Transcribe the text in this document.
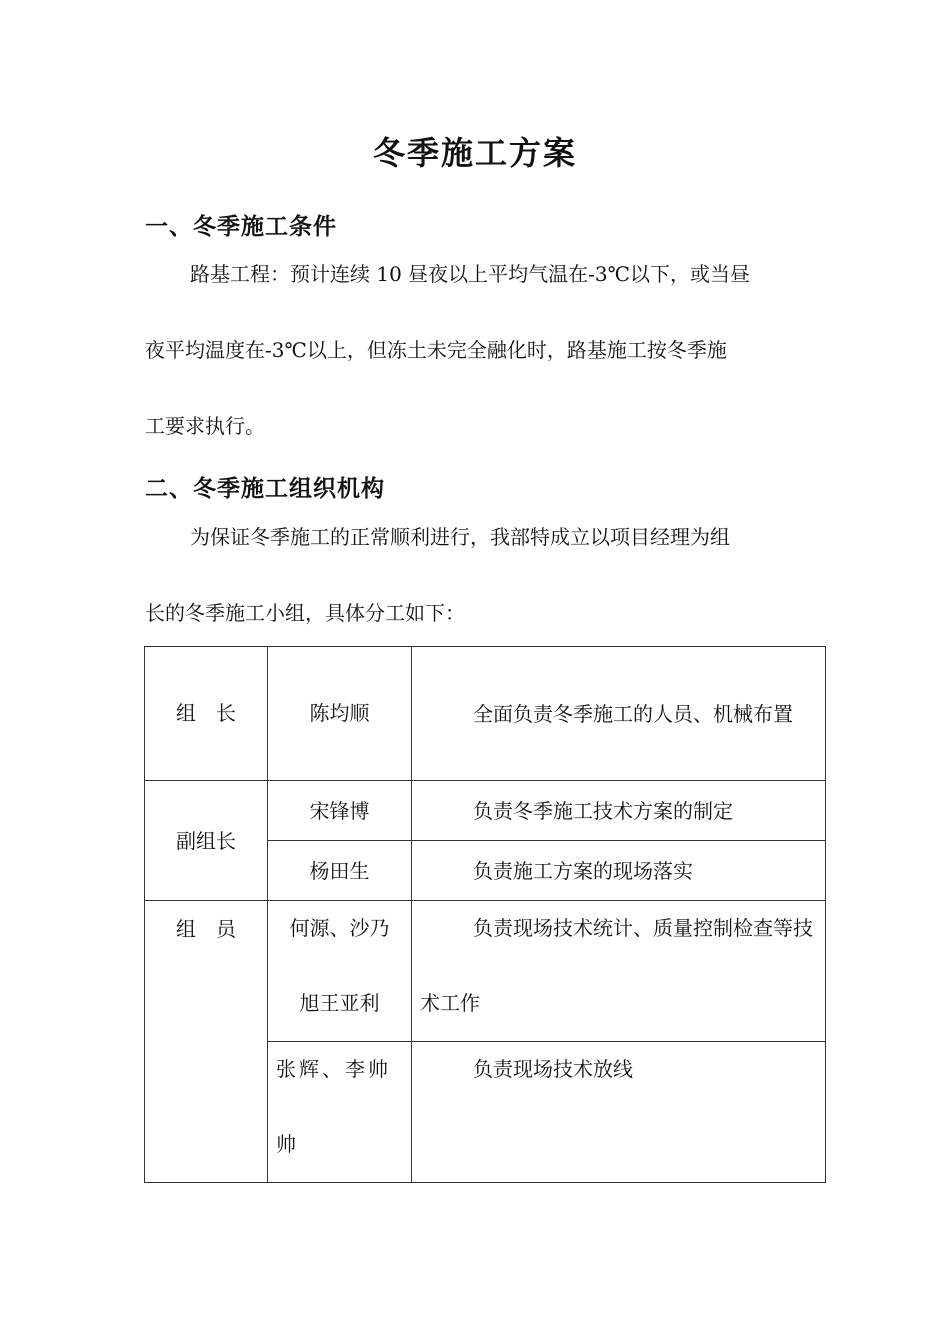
冬季施工方案
一、冬季施工条件
路基工程：预计连续 10 昼夜以上平均气温在-3℃以下，或当昼
夜平均温度在-3℃以上，但冻土未完全融化时，路基施工按冬季施
工要求执行。
二、冬季施工组织机构
为保证冬季施工的正常顺利进行，我部特成立以项目经理为组
长的冬季施工小组，具体分工如下：
组　长	陈均顺	全面负责冬季施工的人员、机械布置

副组长	宋锋博	负责冬季施工技术方案的制定

	杨田生	负责施工方案的现场落实

组　员	何源、沙乃旭王亚利	负责现场技术统计、质量控制检查等技术工作

	张辉、李帅帅	负责现场技术放线
